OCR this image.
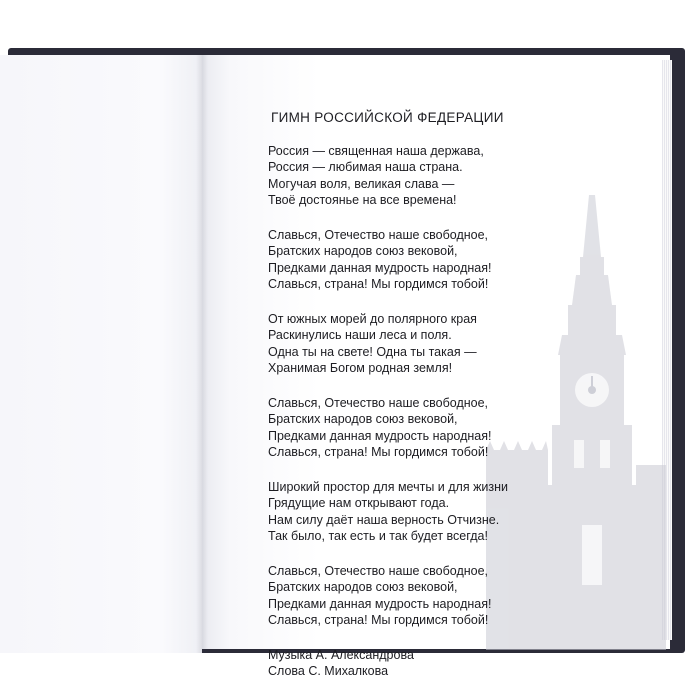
ГИМН РОССИЙСКОЙ ФЕДЕРАЦИИ
Россия — священная наша держава,
Россия — любимая наша страна.
Могучая воля, великая слава —
Твоё достоянье на все времена!
Славься, Отечество наше свободное,
Братских народов союз вековой,
Предками данная мудрость народная!
Славься, страна! Мы гордимся тобой!
От южных морей до полярного края
Раскинулись наши леса и поля.
Одна ты на свете! Одна ты такая —
Хранимая Богом родная земля!
Славься, Отечество наше свободное,
Братских народов союз вековой,
Предками данная мудрость народная!
Славься, страна! Мы гордимся тобой!
Широкий простор для мечты и для жизни
Грядущие нам открывают года.
Нам силу даёт наша верность Отчизне.
Так было, так есть и так будет всегда!
Славься, Отечество наше свободное,
Братских народов союз вековой,
Предками данная мудрость народная!
Славься, страна! Мы гордимся тобой!
Музыка А. Александрова
Слова С. Михалкова
